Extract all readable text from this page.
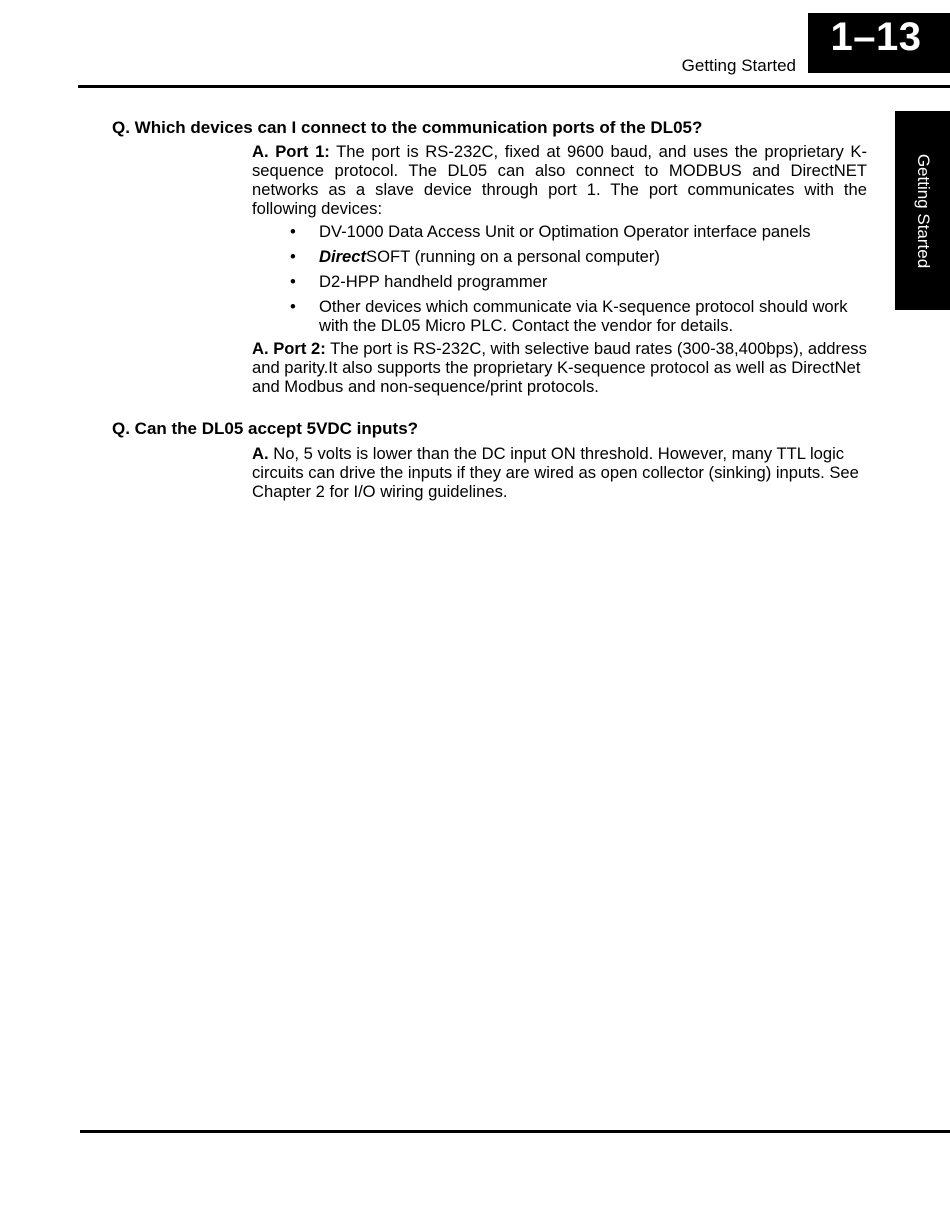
1–13
Getting Started
Getting Started
Q. Which devices can I connect to the communication ports of the DL05?
A. Port 1: The port is RS-232C, fixed at 9600 baud, and uses the proprietary K-sequence protocol. The DL05 can also connect to MODBUS and DirectNET networks as a slave device through port 1. The port communicates with the following devices:
• DV-1000 Data Access Unit or Optimation Operator interface panels
• DirectSOFT (running on a personal computer)
• D2-HPP handheld programmer
• Other devices which communicate via K-sequence protocol should work with the DL05 Micro PLC. Contact the vendor for details.
A. Port 2: The port is RS-232C, with selective baud rates (300-38,400bps), address and parity.It also supports the proprietary K-sequence protocol as well as DirectNet and Modbus and non-sequence/print protocols.
Q. Can the DL05 accept 5VDC inputs?
A. No, 5 volts is lower than the DC input ON threshold. However, many TTL logic circuits can drive the inputs if they are wired as open collector (sinking) inputs. See Chapter 2 for I/O wiring guidelines.
